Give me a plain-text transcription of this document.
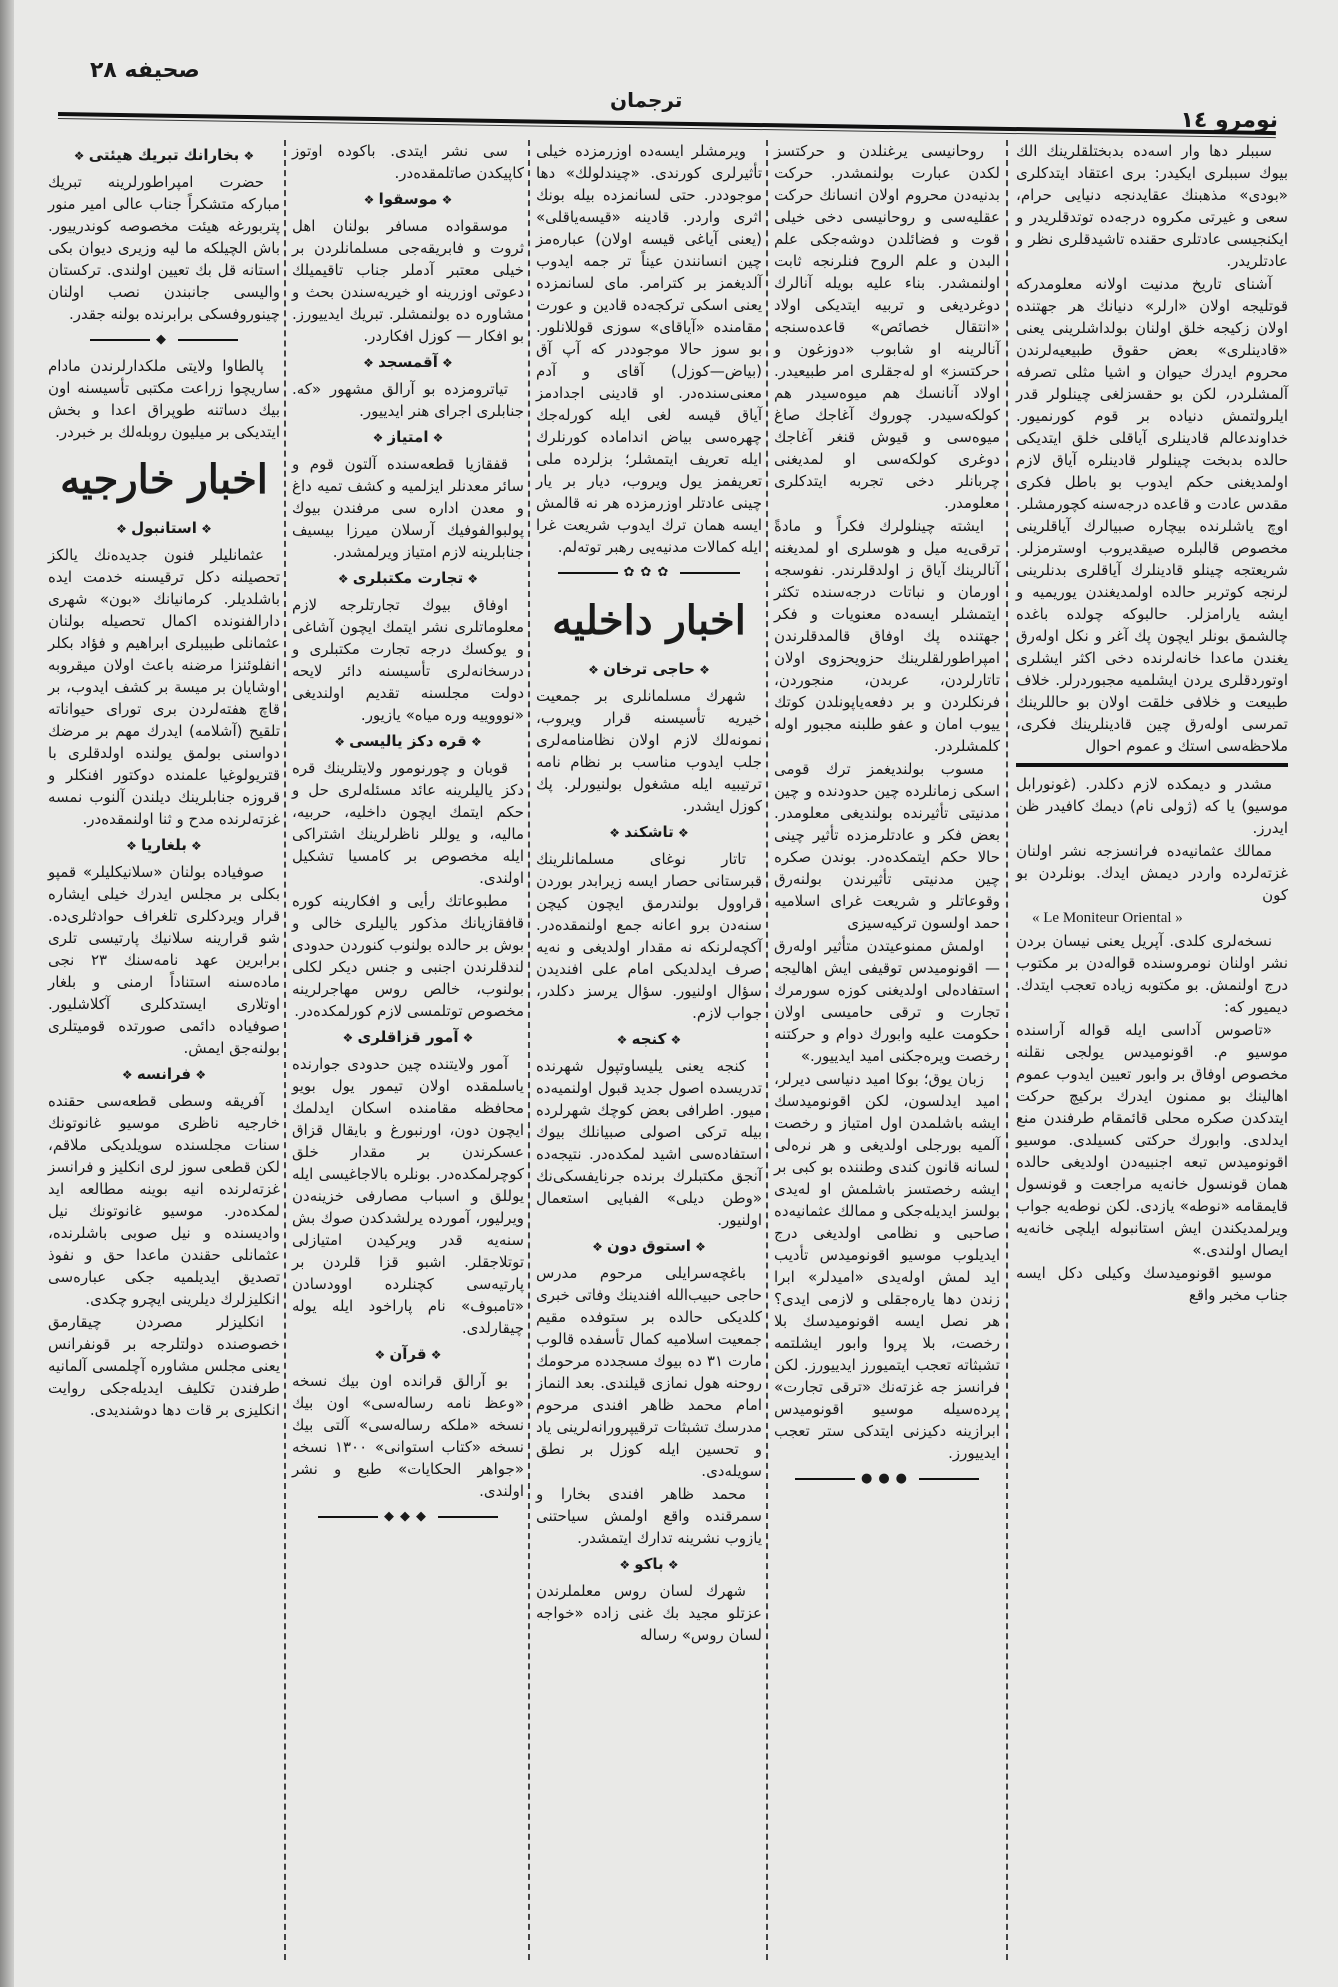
صحیفه ۲۸
ترجمان
نومرو ١٤

سببلر دها وار اسه‌ده بدبختلقلرینك الك بیوك سببلری ایکیدر: بری اعتقاد ایتدکلری «بودی» مذهبنك عقایدنجه دنیایی حرام، سعی و غیرتی مکروه درجه‌ده توتدقلریدر و ایکنجیسی عادتلری حقنده تاشیدقلری نظر و عادتلریدر.

آشنای تاریخ مدنیت اولانه معلومدرکه قوتلیجه اولان «ارلر» دنیانك هر جهتنده اولان زکیجه خلق اولنان بولداشلرینی یعنی «قادینلری» بعض حقوق طبیعیه‌لرندن محروم ایدرك حیوان و اشیا مثلی تصرفه آلمشلردر، لکن بو حقسزلغی چینلولر قدر ایلرولتمش دنیاده بر قوم کورنمیور. خداوندعالم قادینلری آیاقلی خلق ایتدیکی حالده بدبخت چینلولر قادینلره آیاق لازم اولمدیغنی حکم ایدوب بو باطل فکری مقدس عادت و قاعده درجه‌سنه کچورمشلر. اوچ یاشلرنده بیچاره صبیالرك آیاقلرینی مخصوص قالبلره صیقدیروب اوسترمزلر. شریعتجه چینلو قادینلرك آیاقلری بدنلرینی لرنجه کوتربر حالده اولمدیغندن یوریمیه و ایشه یارامزلر. حالبوکه چولده باغده چالشمق بونلر ایچون پك آغر و نکل اوله‌رق یغندن ماعدا خانه‌لرنده دخی اکثر ایشلری اوتوردقلری یردن ایشلمیه مجبوردرلر. خلاف طبیعت و خلافی خلقت اولان بو حاللرینك تمرسی اوله‌رق چین قادینلرینك فکری، ملاحظه‌سی استك و عموم احوال

مشدر و دیمکده لازم دکلدر. (غونورابل موسیو) یا که (ژولی نام) دیمك کافیدر ظن ایدرز.

ممالك عثمانیه‌ده فرانسزجه نشر اولنان غزته‌لرده واردر دیمش ایدك. بونلردن بو کون

« Le Moniteur Oriental »

نسخه‌لری کلدی. آپریل یعنی نیسان بردن نشر اولنان نومروسنده قواله‌دن بر مکتوب درج اولنمش. بو مکتوبه زیاده تعجب ایتدك. دیمیور که:

«تاصوس آداسی ایله قواله آراسنده موسیو م. اقونومیدس یولجی نقلنه مخصوص اوفاق بر وابور تعیین ایدوب عموم اهالینك بو ممنون ایدرك برکیچ حرکت ایتدکدن صکره محلی قائمقام طرفندن منع ایدلدی. وابورك حرکتی کسیلدی. موسیو اقونومیدس تبعه اجنبیه‌دن اولدیغی حالده همان قونسول خانه‌یه مراجعت و قونسول قایمقامه «نوطه» یازدی. لکن نوطه‌یه جواب ویرلمدیکندن ایش استانبوله ایلچی خانه‌یه ایصال اولندی.»

موسیو اقونومیدسك وکیلی دکل ایسه جناب مخبر واقع

روحانیسی یرغنلدن و حرکتسز لکدن عبارت بولنمشدر. حرکت بدنیه‌دن محروم اولان انسانك حرکت عقلیه‌سی و روحانیسی دخی خیلی قوت و فضائلدن دوشه‌جکی علم البدن و علم الروح فنلرنجه ثابت اولنمشدر. بناء علیه بویله آنالرك دوغردیغی و تربیه ایتدیکی اولاد «انتقال خصائص» قاعده‌سنجه آنالرینه او شابوب «دوزغون و حرکتسز» او له‌جقلری امر طبیعیدر. اولاد آنانسك هم میوه‌سیدر هم کولکه‌سیدر. چوروك آغاجك صاغ میوه‌سی و قیوش قنغر آغاجك دوغری کولکه‌سی او لمدیغنی چربانلر دخی تجربه ایتدکلری معلومدر.

ایشته چینلولرك فکراً و مادةً ترقی‌یه میل و هوسلری او لمدیغنه آنالرینك آیاق ز اولدقلرندر. نفوسجه اورمان و نباتات درجه‌سنده تکثر ایتمشلر ایسه‌ده معنویات و فکر جهتنده پك اوفاق قالمدقلرندن امپراطورلقلرینك حزویحزوی اولان تاتارلردن، عربدن، منجوردن، فرنکلردن و بر دفعه‌یاپونلدن کوتك ییوب امان و عفو طلبنه مجبور اوله‌ کلمشلردر.

مسوب بولندیغمز ترك قومی اسکی زمانلرده چین حدودنده و چین مدنیتی تأثیرنده بولندیغی معلومدر. بعض فکر و عادتلرمزده تأثیر چینی حالا حکم ایتمکده‌در. بوندن صکره چین مدنیتی تأثیرندن بولنه‌رق وقوعاتلر و شریعت غرای اسلامیه حمد اولسون ترکیه‌سیزی

اولمش ممنوعیتدن متأثیر اوله‌رق — اقونومیدس توقیفی ایش اهالیجه استفاده‌لی اولدیغنی کوزه سورمرك تجارت و ترقی حامیسی اولان حکومت علیه وابورك دوام و حرکتنه رخصت ویره‌جکنی امید ایدییور.»

زبان یوق؛ بوکا امید دنیاسی دیرلر، امید ایدلسون، لکن اقونومیدسك ایشه باشلمدن اول امتیاز و رخصت آلمیه بورجلی اولدیغی و هر نره‌لی لسانه قانون کندی وطننده بو کبی بر ایشه رخصتسز باشلمش او له‌یدی بولسز ایدیله‌جکی و ممالك عثمانیه‌ده صاحبی و نظامی اولدیغی درج ایدیلوب موسیو اقونومیدس تأدیب اید لمش اوله‌یدی «امیدلر» ابرا زندن دها یاره‌جقلی و لازمی ایدی؟ هر نصل ایسه اقونومیدسك بلا رخصت، بلا پروا وابور ایشلتمه تشبثاته تعجب ایتمیورز ایدییورز. لکن فرانسز جه غزته‌نك «ترقی تجارت» پرده‌سیله موسیو اقونومیدس ابرازینه دکیزنی ایتدکی ستر تعجب ایدییورز.

●●●

ویرمشلر ایسه‌ده اوزرمزده خیلی تأثیرلری کورندی. «چیندلولك» دها موجوددر. حتی لسانمزده بیله بونك اثری واردر. قادینه «قیسه‌یاقلی» (یعنی آیاغی قیسه اولان) عبارەمز چین انسانندن عیناً تر جمه ایدوب آلدیغمز بر کترامر. مای لسانمزده یعنی اسکی ترکجه‌ده قادین و عورت مقامنده «آیاقای» سوزی قوللانلور. بو سوز حالا موجوددر که آپ آق (بیاض—کوزل) آقای و آدم معنی‌سنده‌در. او قادینی اجدادمز آیاق قیسه لغی ایله کورله‌جك چهره‌سی بیاض انداماده کورنلرك ایله تعریف ایتمشلر؛ بزلرده ملی تعریفمز یول ویروب، دیار بر یار چینی عادتلر اوزرمزده هر نه قالمش ایسه همان ترك ایدوب شریعت غرا ایله کمالات مدنیه‌یی رهبر توته‌لم.

✿✿✿
اخبار داخلیه
❖ حاجی ترخان ❖

شهرك مسلمانلری بر جمعیت خیریه تأسیسنه قرار ویروب، نمونه‌لك لازم اولان نظامنامه‌لری جلب ایدوب مناسب بر نظام نامه ترتیبیه ایله مشغول بولنیورلر. پك کوزل ایشدر.

❖ تاشکند ❖

تاتار نوغای مسلمانلرینك قبرستانی حصار ایسه زیرابدر بوردن قراوول بولندرمق ایچون کیچن سنه‌دن برو اعانه جمع اولنمقده‌در. آکچه‌لرنکه نه مقدار اولدیغی و نه‌یه صرف ایدلدیکی امام علی افندیدن سؤال اولنیور. سؤال یرسز دکلدر، جواب لازم.

❖ کنجه ❖

کنجه یعنی یلیساوتپول شهرنده تدریسده اصول جدید قبول اولنمیه‌ده میور. اطرافی بعض کوچك شهرلرده بیله ترکی اصولی صبیانلك بیوك استفاده‌سی اشید لمکده‌در. نتیجه‌ده آنجق مکتبلرك برنده جرنایفسکی‌نك «وطن دیلی» الفبایی استعمال اولنیور.

❖ استوق دون ❖

باغچه‌سرایلی مرحوم مدرس حاجی حبیب‌الله افندینك وفاتی خبری کلدیکی حالده بر ستوفده مقیم جمعیت اسلامیه کمال تأسفده قالوب مارت ۳۱ ده بیوك مسجدده مرحومك روحنه هول نمازی قیلندی. بعد النماز امام محمد ظاهر افندی مرحوم مدرسك تشبثات ترقیپرورانه‌لرینی یاد و تحسین ایله کوزل بر نطق سویله‌دی.

محمد ظاهر افندی بخارا و سمرقنده واقع اولمش سیاحتنی یازوب نشرینه تدارك ایتمشدر.

❖ باکو ❖

شهرك لسان روس معلملرندن عزتلو مجید بك غنی زاده «خواجه لسان روس» رساله

سی نشر ایتدی. باکوده اوتوز کاپیکدن صاتلمقده‌در.

❖ موسقوا ❖

موسقواده مسافر بولنان اهل ثروت و فابریقه‌جی مسلمانلردن بر خیلی معتبر آدملر جناب تاقیمیلك دعوتی اوزرینه او خیریه‌سندن بحث و مشاوره ده بولنمشلر. تبریك ایدییورز. بو افکار — کوزل افکاردر.

❖ آقمسجد ❖

تیاترومزده بو آرالق مشهور «که. جنابلری اجرای هنر ایدییور.

❖ امتیاز ❖

قفقازیا قطعه‌سنده آلتون قوم و سائر معدنلر ایزلمیه و کشف تمیه داغ و معدن اداره سی مرفندن بیوك پولبوالفوفیك آرسلان میرزا بیسیف جنابلرینه لازم امتیاز ویرلمشدر.

❖ تجارت مکتبلری ❖

اوفاق بیوك تجارتلرجه لازم معلوماتلری نشر ایتمك ایچون آشاغی و یوکسك درجه تجارت مکتبلری و درسخانه‌لری تأسیسنه دائر لایحه دولت مجلسنه تقدیم اولندیغی «نوووییه وره میاه» یازیور.

❖ قره دکز یالیسی ❖

قوبان و چورنومور ولایتلرینك قره دکز یالیلرینه عائد مسئله‌لری حل و حکم ایتمك ایچون داخلیه، حربیه، مالیه، و یوللر ناظرلرینك اشتراکی ایله مخصوص بر کامسیا تشکیل اولندی.

مطبوعاتك رأیی و افکارینه کوره قافقازیانك مذکور یالیلری خالی و بوش بر حالده بولنوب کنوردن حدودی لندقلرندن اجنبی و جنس دیکر لکلی بولنوب، خالص روس مهاجرلرینه مخصوص توتلمسی لازم کورلمکده‌در.

❖ آمور قزاقلری ❖

آمور ولایتنده چین حدودی جوارنده یاسلمقده اولان تیمور یول بویو محافظه مقامنده اسکان ایدلمك ایچون دون، اورنبورغ و بایقال قزاق عسکرندن بر مقدار خلق کوچرلمکده‌در. بونلره بالاجاغیسی ایله یوللق و اسباب مصارفی خزینه‌دن ویرلیور، آمورده یرلشدکدن صوك بش سنه‌یه قدر ویرکیدن امتیازلی توتلاجقلر. اشبو قزا قلردن بر پارتیه‌سی کچنلرده اوودسادن «تامبوف» نام پاراخود ایله یوله چیقارلدی.

❖ قرآن ❖

بو آرالق قرانده اون بیك نسخه «وعظ نامه رساله‌سی» اون بیك نسخه «ملکه رساله‌سی» آلتی بیك نسخه «کتاب استوانی» ۱۳۰۰ نسخه «جواهر الحکایات» طبع و نشر اولندی.

◆◆◆
❖ بخارانك تبریك هیئتی ❖

حضرت امپراطورلرینه تبریك مبارکه متشکراً جناب عالی امیر منور پتربورغه هیئت مخصوصه کوندرییور. باش الچیلکه ما لیه وزیری دیوان بکی استانه قل بك تعیین اولندی. ترکستان والیسی جانبندن نصب اولنان چینوروفسکی برابرنده بولنه جقدر.

◆

پالطاوا ولایتی ملکدارلرندن مادام ساریچوا زراعت مکتبی تأسیسنه اون بیك دساتنه طوپراق اعدا و بخش ایتدیکی بر میلیون روبله‌لك بر خبردر.

اخبار خارجیه
❖ استانبول ❖

عثمانلیلر فنون جدیده‌نك یالکز تحصیلنه دکل ترقیسنه خدمت ایده باشلدیلر. کرمانیانك «بون» شهری دارالفنونده اکمال تحصیله بولنان عثمانلی طبیبلری ابراهیم و فؤاد بکلر انفلوئنزا مرضنه باعث اولان میقروبه اوشایان بر میسة بر کشف ایدوب، بر قاچ هفته‌لردن بری توراى حیواناته تلقیح (آشلامه) ایدرك مهم بر مرضك دواسنی بولمق یولنده اولدقلری با قتریولوغیا علمنده دوکتور افنکلر و قروزه جنابلرینك دیلندن آلنوب نمسه غزته‌لرنده مدح و ثنا اولنمقده‌در.

❖ بلغاریا ❖

صوفیاده بولنان «سلانیکلیلر» قمپو بکلی بر مجلس ایدرك خیلی ایشاره قرار ویردکلری تلغراف حوادثلری‌ده. شو قرارینه سلانیك پارتیسی تلری برابرین عهد نامه‌سنك ۲۳ نجی ماده‌سنه استناداً ارمنی و بلغار اوتلاری ایستدکلری آکلاشلیور. صوفیاده دائمی صورتده قومیتلری بولنه‌جق ایمش.

❖ فرانسه ❖

آفریقه وسطی قطعه‌سی حقنده خارجیه ناظری موسیو غانوتونك سنات مجلسنده سویلدیکی ملاقم، لکن قطعی سوز لری انکلیز و فرانسز غزته‌لرنده انیه بوینه مطالعه اید لمکده‌در. موسیو غانوتونك نیل وادیسنده و نیل صوبی باشلرنده، عثمانلی حقندن ماعدا حق و نفوذ تصدیق ایدیلمیه جکی عبارە‌سی انکلیزلرك دیلرینی ایچرو چکدی.

انکلیزلر مصردن چیقارمق خصوصنده دولتلرجه بر قونفرانس یعنی مجلس مشاوره آچلمسی آلمانیه طرفندن تکلیف ایدیله‌جکی روایت انکلیزی بر قات دها دوشندیدی.
